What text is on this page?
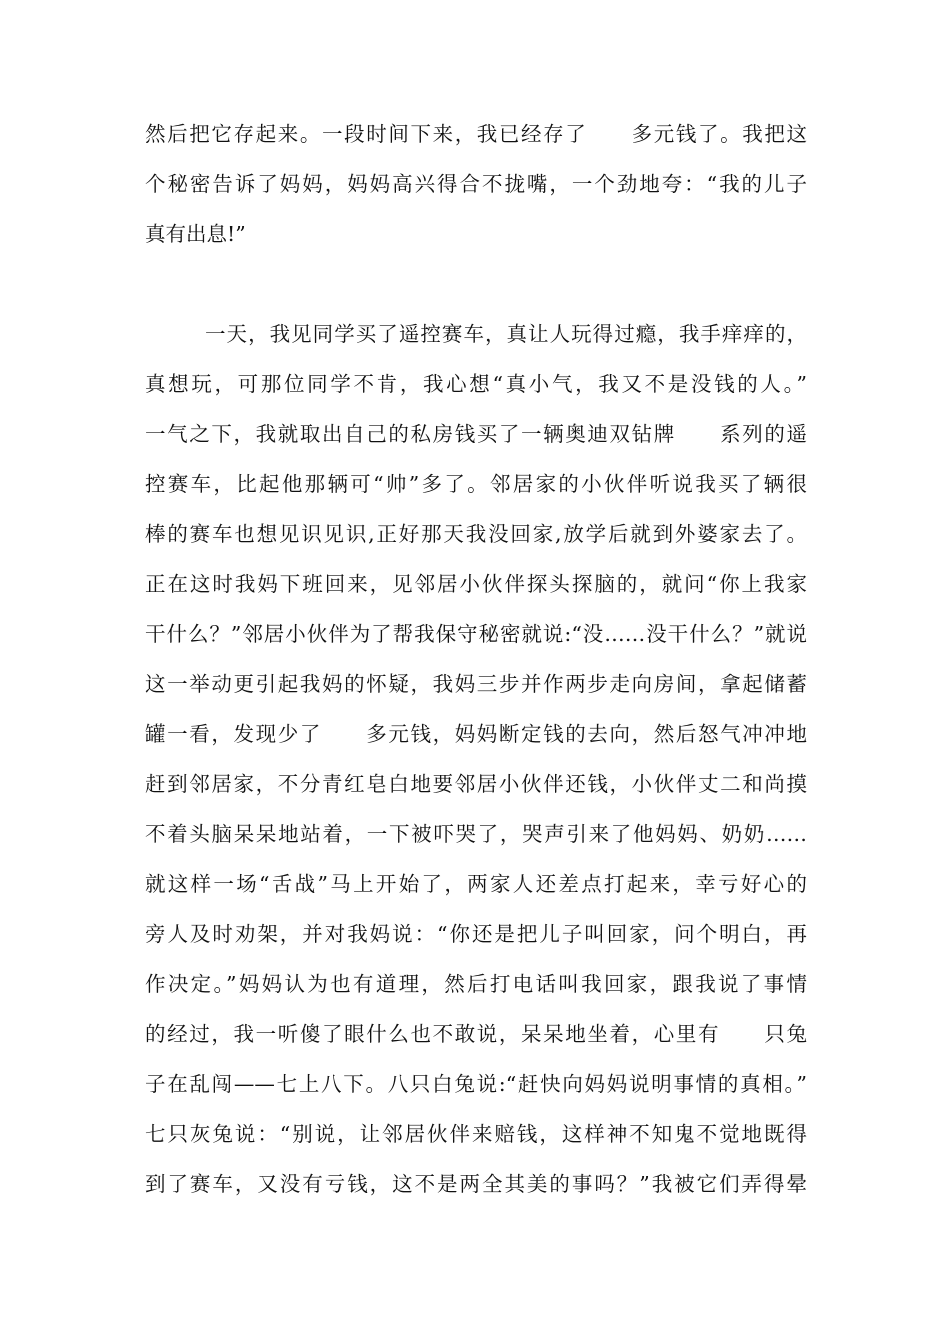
然后把它存起来。一段时间下来，我已经存了　　多元钱了。我把这
个秘密告诉了妈妈，妈妈高兴得合不拢嘴，一个劲地夸：“我的儿子
真有出息!”
一天，我见同学买了遥控赛车，真让人玩得过瘾，我手痒痒的，
真想玩，可那位同学不肯，我心想“真小气，我又不是没钱的人。”
一气之下，我就取出自己的私房钱买了一辆奥迪双钻牌　　系列的遥
控赛车，比起他那辆可“帅”多了。邻居家的小伙伴听说我买了辆很
棒的赛车也想见识见识,正好那天我没回家,放学后就到外婆家去了。
正在这时我妈下班回来，见邻居小伙伴探头探脑的，就问“你上我家
干什么？”邻居小伙伴为了帮我保守秘密就说:“没……没干什么？”就说
这一举动更引起我妈的怀疑，我妈三步并作两步走向房间，拿起储蓄
罐一看，发现少了　　多元钱，妈妈断定钱的去向，然后怒气冲冲地
赶到邻居家，不分青红皂白地要邻居小伙伴还钱，小伙伴丈二和尚摸
不着头脑呆呆地站着，一下被吓哭了，哭声引来了他妈妈、奶奶……
就这样一场“舌战”马上开始了，两家人还差点打起来，幸亏好心的
旁人及时劝架，并对我妈说：“你还是把儿子叫回家，问个明白，再
作决定。”妈妈认为也有道理，然后打电话叫我回家，跟我说了事情
的经过，我一听傻了眼什么也不敢说，呆呆地坐着，心里有　　只兔
子在乱闯——七上八下。八只白兔说:“赶快向妈妈说明事情的真相。”
七只灰兔说：“别说，让邻居伙伴来赔钱，这样神不知鬼不觉地既得
到了赛车，又没有亏钱，这不是两全其美的事吗？”我被它们弄得晕
